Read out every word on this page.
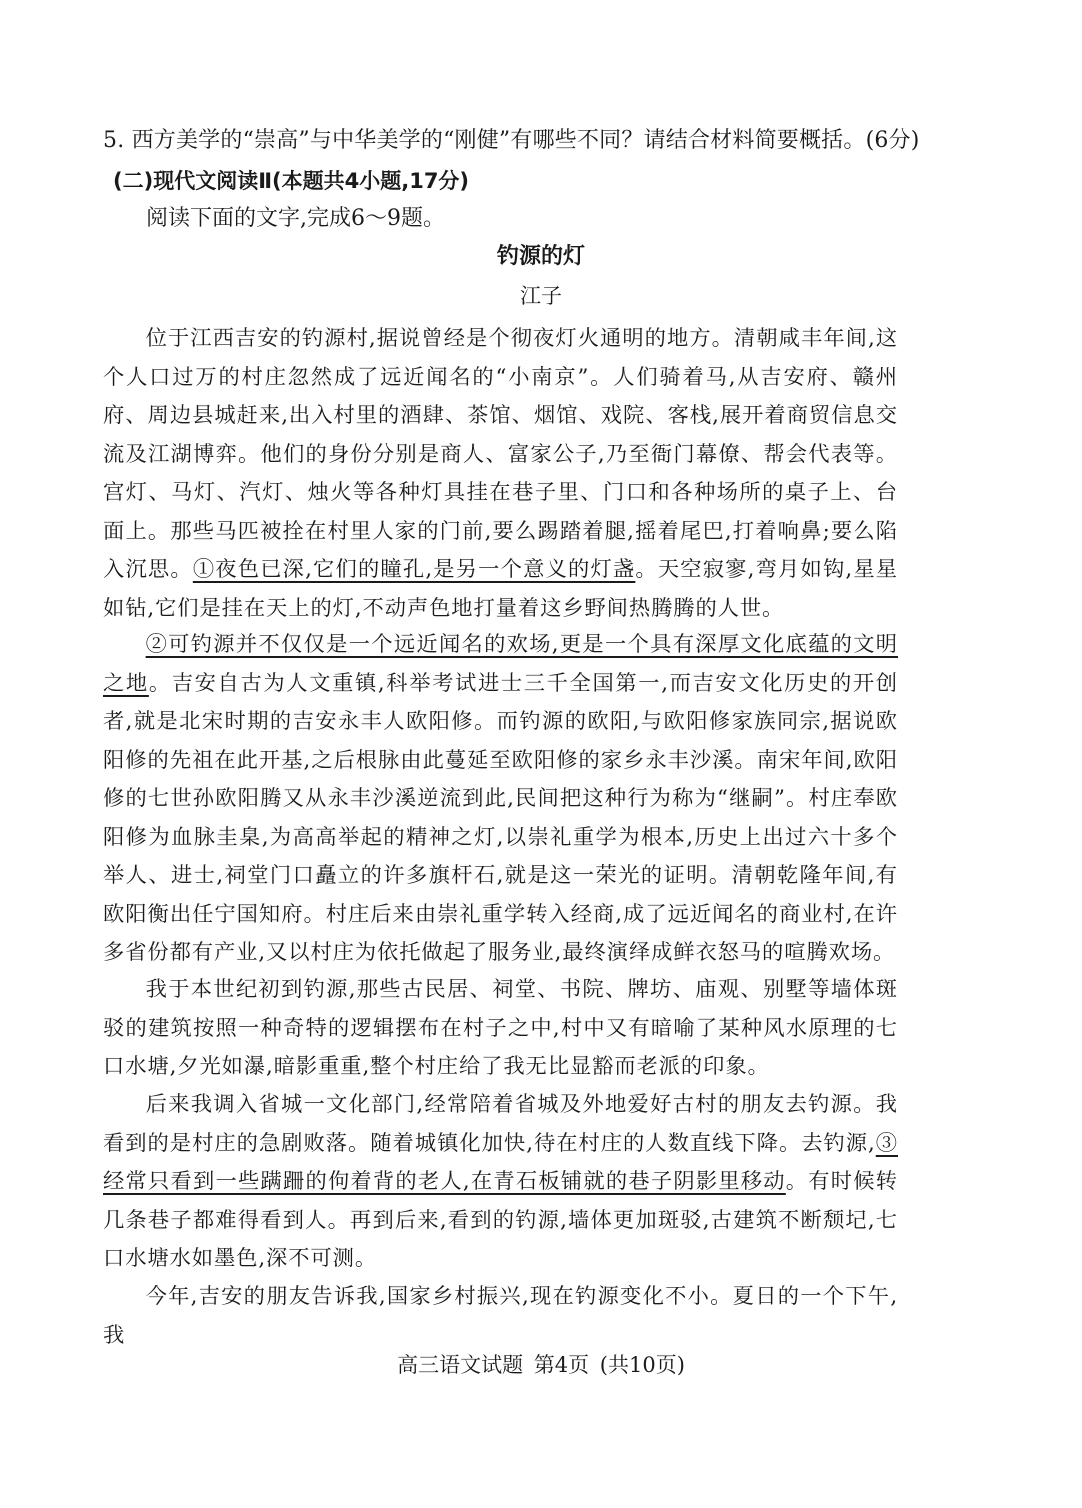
5. 西方美学的“崇高”与中华美学的“刚健”有哪些不同？请结合材料简要概括。(6分)
(二)现代文阅读Ⅱ(本题共4小题,17分)
阅读下面的文字,完成6～9题。
钓源的灯
江子
位于江西吉安的钓源村,据说曾经是个彻夜灯火通明的地方。清朝咸丰年间,这个人口过万的村庄忽然成了远近闻名的“小南京”。人们骑着马,从吉安府、赣州府、周边县城赶来,出入村里的酒肆、茶馆、烟馆、戏院、客栈,展开着商贸信息交流及江湖博弈。他们的身份分别是商人、富家公子,乃至衙门幕僚、帮会代表等。宫灯、马灯、汽灯、烛火等各种灯具挂在巷子里、门口和各种场所的桌子上、台面上。那些马匹被拴在村里人家的门前,要么踢踏着腿,摇着尾巴,打着响鼻;要么陷入沉思。①夜色已深,它们的瞳孔,是另一个意义的灯盏。天空寂寥,弯月如钩,星星如钻,它们是挂在天上的灯,不动声色地打量着这乡野间热腾腾的人世。
②可钓源并不仅仅是一个远近闻名的欢场,更是一个具有深厚文化底蕴的文明之地。吉安自古为人文重镇,科举考试进士三千全国第一,而吉安文化历史的开创者,就是北宋时期的吉安永丰人欧阳修。而钓源的欧阳,与欧阳修家族同宗,据说欧阳修的先祖在此开基,之后根脉由此蔓延至欧阳修的家乡永丰沙溪。南宋年间,欧阳修的七世孙欧阳腾又从永丰沙溪逆流到此,民间把这种行为称为“继嗣”。村庄奉欧阳修为血脉圭臬,为高高举起的精神之灯,以崇礼重学为根本,历史上出过六十多个举人、进士,祠堂门口矗立的许多旗杆石,就是这一荣光的证明。清朝乾隆年间,有欧阳衡出任宁国知府。村庄后来由崇礼重学转入经商,成了远近闻名的商业村,在许多省份都有产业,又以村庄为依托做起了服务业,最终演绎成鲜衣怒马的喧腾欢场。
我于本世纪初到钓源,那些古民居、祠堂、书院、牌坊、庙观、别墅等墙体斑驳的建筑按照一种奇特的逻辑摆布在村子之中,村中又有暗喻了某种风水原理的七口水塘,夕光如瀑,暗影重重,整个村庄给了我无比显豁而老派的印象。
后来我调入省城一文化部门,经常陪着省城及外地爱好古村的朋友去钓源。我看到的是村庄的急剧败落。随着城镇化加快,待在村庄的人数直线下降。去钓源,③经常只看到一些蹒跚的佝着背的老人,在青石板铺就的巷子阴影里移动。有时候转几条巷子都难得看到人。再到后来,看到的钓源,墙体更加斑驳,古建筑不断颓圮,七口水塘水如墨色,深不可测。
今年,吉安的朋友告诉我,国家乡村振兴,现在钓源变化不小。夏日的一个下午,我
高三语文试题 第4页 (共10页)
